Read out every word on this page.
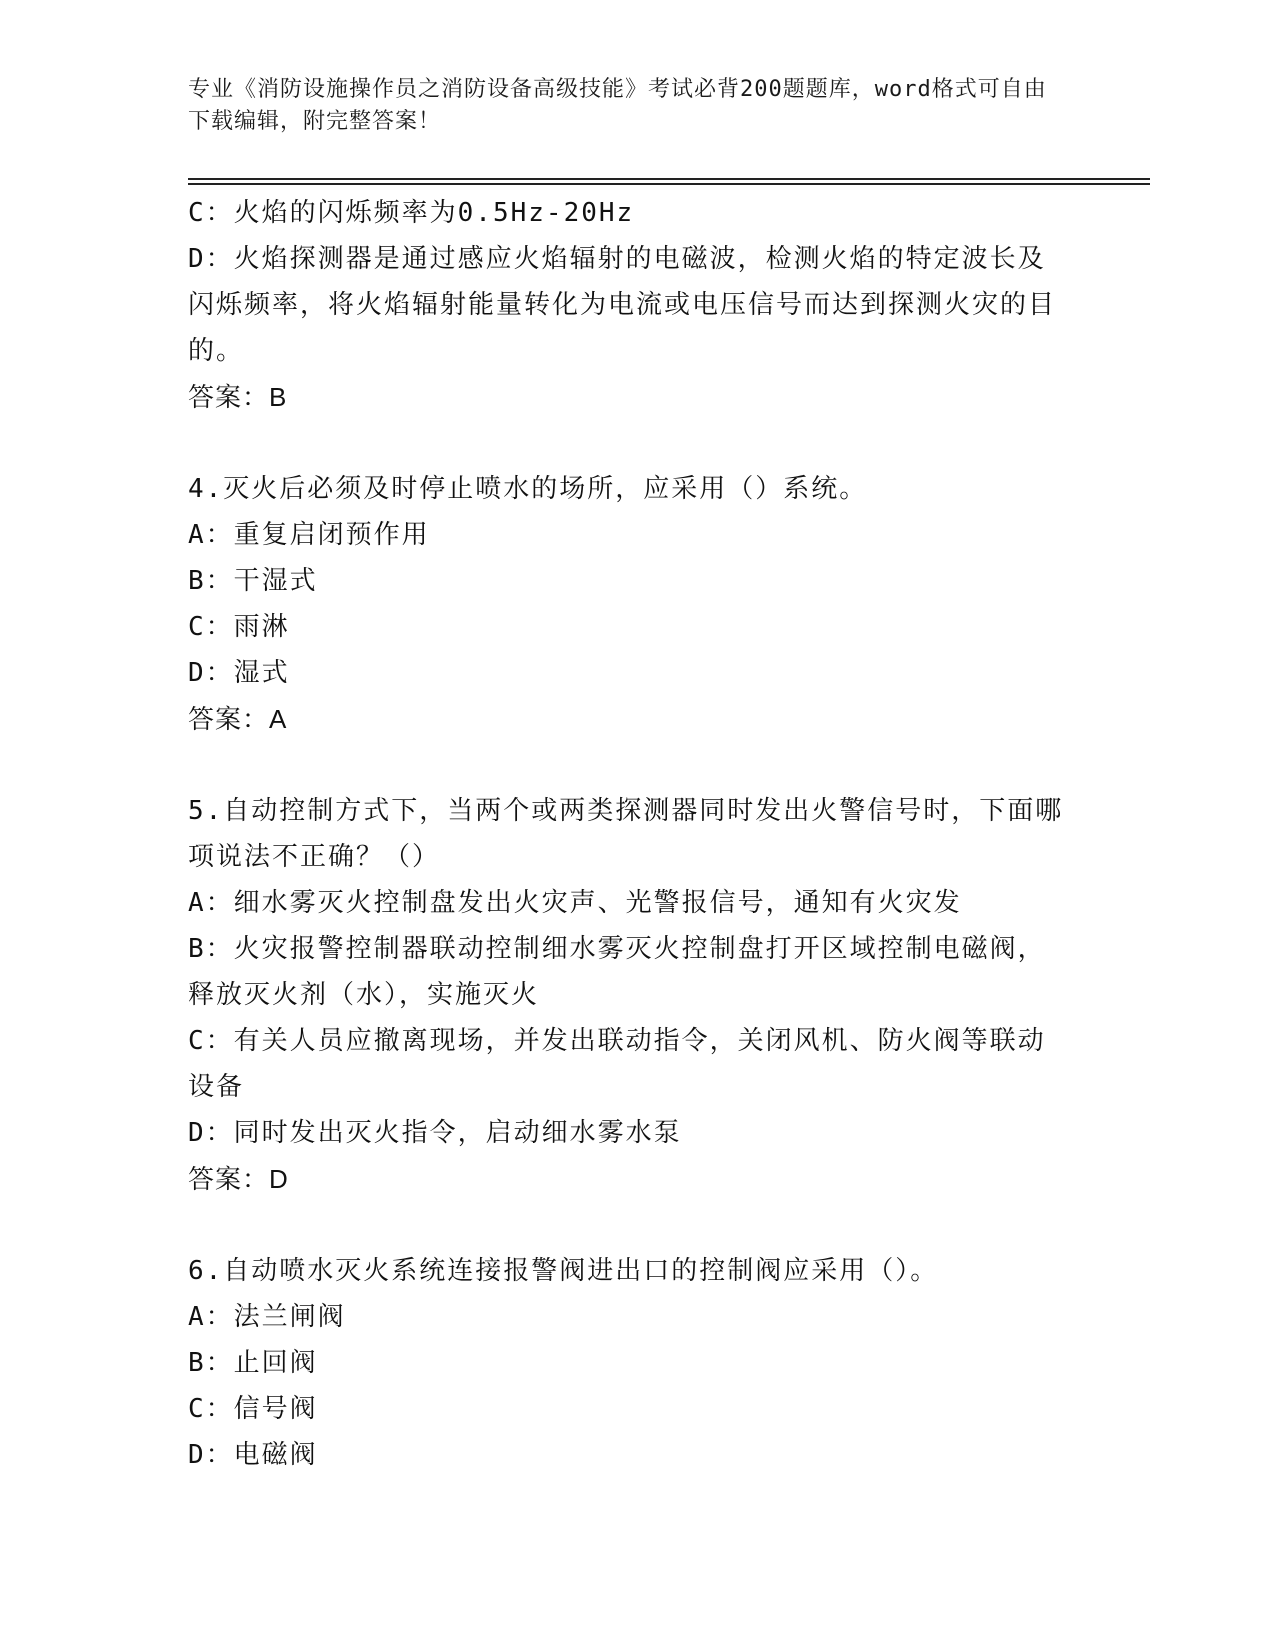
专业《消防设施操作员之消防设备高级技能》考试必背200题题库，word格式可自由下载编辑，附完整答案！
C：火焰的闪烁频率为0.5Hz-20Hz
D：火焰探测器是通过感应火焰辐射的电磁波，检测火焰的特定波长及闪烁频率，将火焰辐射能量转化为电流或电压信号而达到探测火灾的目的。
答案：B
4.灭火后必须及时停止喷水的场所，应采用（）系统。
A：重复启闭预作用
B：干湿式
C：雨淋
D：湿式
答案：A
5.自动控制方式下，当两个或两类探测器同时发出火警信号时，下面哪项说法不正确？（）
A：细水雾灭火控制盘发出火灾声、光警报信号，通知有火灾发
B：火灾报警控制器联动控制细水雾灭火控制盘打开区域控制电磁阀，释放灭火剂（水），实施灭火
C：有关人员应撤离现场，并发出联动指令，关闭风机、防火阀等联动设备
D：同时发出灭火指令，启动细水雾水泵
答案：D
6.自动喷水灭火系统连接报警阀进出口的控制阀应采用（）。
A：法兰闸阀
B：止回阀
C：信号阀
D：电磁阀
